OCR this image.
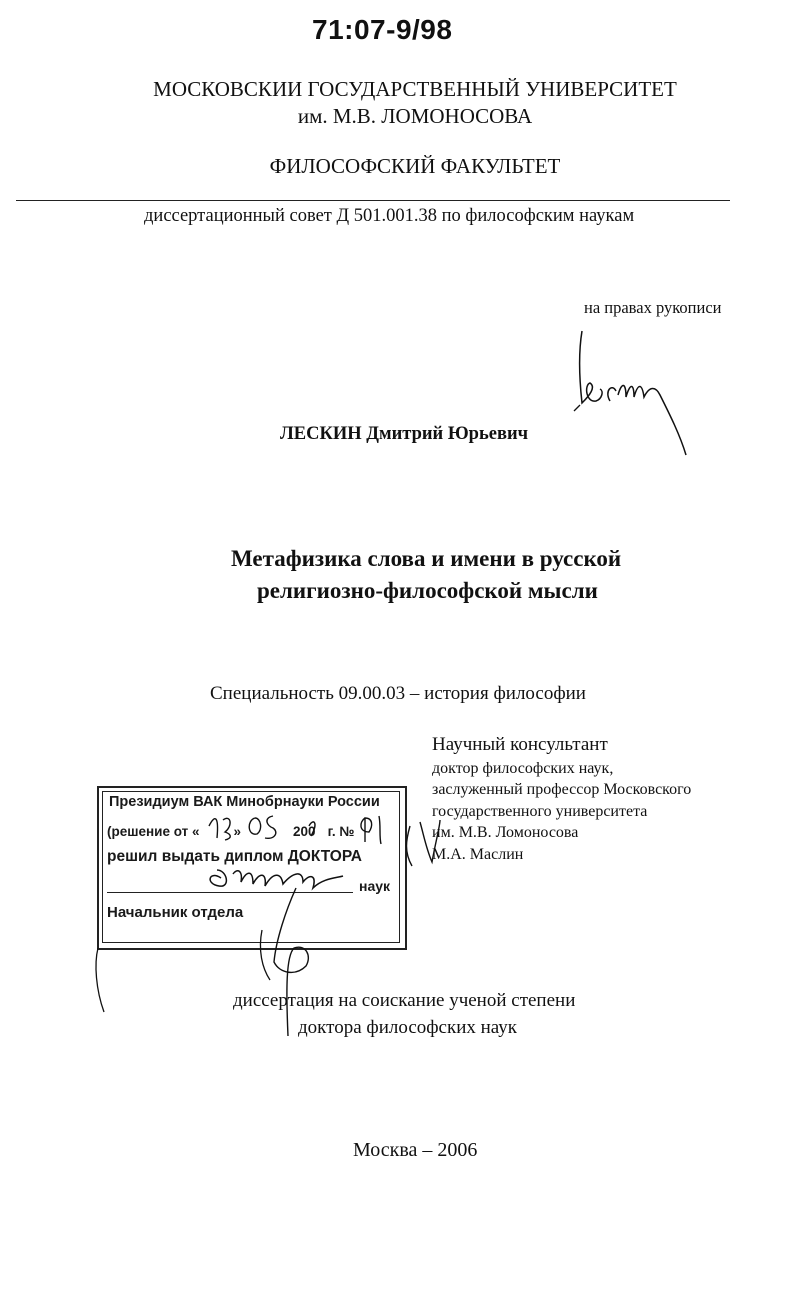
71:07-9/98
МОСКОВСКИИ ГОСУДАРСТВЕННЫЙ УНИВЕРСИТЕТ
им. М.В. ЛОМОНОСОВА
ФИЛОСОФСКИЙ ФАКУЛЬТЕТ
диссертационный совет Д 501.001.38 по философским наукам
на правах рукописи
ЛЕСКИН Дмитрий Юрьевич
Метафизика слова и имени в русской
религиозно-философской мысли
Специальность 09.00.03 – история философии
Научный консультант
доктор философских наук,
заслуженный профессор Московского
государственного университета
им. М.В. Ломоносова
М.А. Маслин
Президиум ВАК Минобрнауки России
(решение от «	»	200 г. №
решил выдать диплом ДОКТОРА
наук
Начальник отдела
диссертация на соискание ученой степени
доктора философских наук
Москва – 2006
